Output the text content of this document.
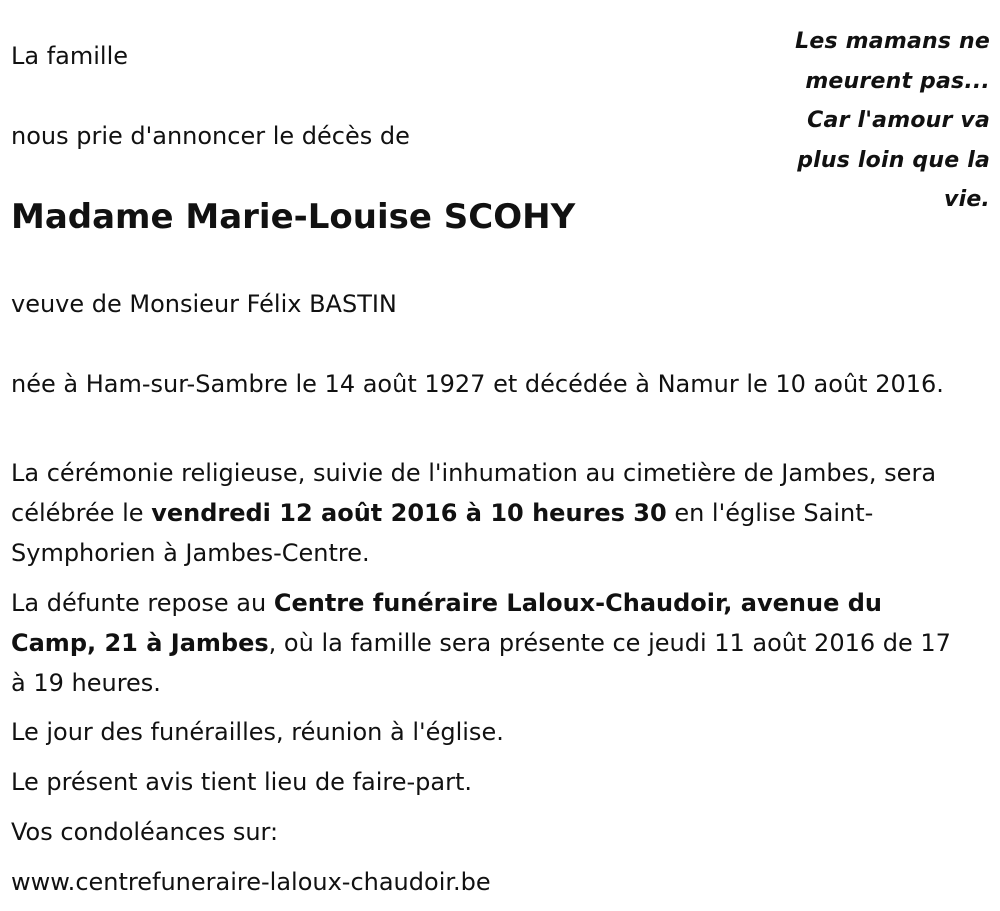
Les mamans ne
meurent pas...
Car l'amour va
plus loin que la
vie.

La famille

nous prie d'annoncer le décès de

Madame Marie-Louise SCOHY

veuve de Monsieur Félix BASTIN

née à Ham-sur-Sambre le 14 août 1927 et décédée à Namur le 10 août 2016.

La cérémonie religieuse, suivie de l'inhumation au cimetière de Jambes, sera célébrée le vendredi 12 août 2016 à 10 heures 30 en l'église Saint-Symphorien à Jambes-Centre.

La défunte repose au Centre funéraire Laloux-Chaudoir, avenue du Camp, 21 à Jambes, où la famille sera présente ce jeudi 11 août 2016 de 17 à 19 heures.

Le jour des funérailles, réunion à l'église.

Le présent avis tient lieu de faire-part.

Vos condoléances sur:

www.centrefuneraire-laloux-chaudoir.be
